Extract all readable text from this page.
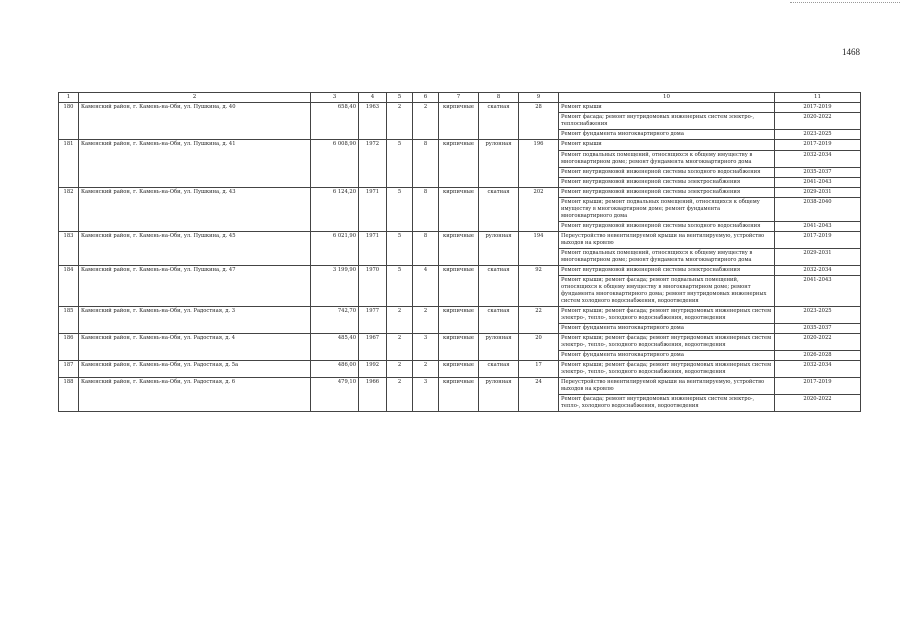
1468
1	2	3	4	5	6	7	8	9	10	11
180	Каменский район, г. Камень-на-Оби, ул. Пушкина, д. 40	658,40	1963	2	2	кирпичные	скатная	28	Ремонт крыши	2017-2019
									Ремонт фасада; ремонт внутридомовых инженерных систем электро-, теплоснабжения	2020-2022
									Ремонт фундамента многоквартирного дома	2023-2025
181	Каменский район, г. Камень-на-Оби, ул. Пушкина, д. 41	6 008,90	1972	5	8	кирпичные	рулонная	196	Ремонт крыши	2017-2019
									Ремонт подвальных помещений, относящихся к общему имуществу в многоквартирном доме; ремонт фундамента многоквартирного дома	2032-2034
									Ремонт внутридомовой инженерной системы холодного водоснабжения	2035-2037
									Ремонт внутридомовой инженерной системы электроснабжения	2041-2043
182	Каменский район, г. Камень-на-Оби, ул. Пушкина, д. 43	6 124,20	1971	5	8	кирпичные	скатная	202	Ремонт внутридомовой инженерной системы электроснабжения	2029-2031
									Ремонт крыши; ремонт подвальных помещений, относящихся к общему имуществу в многоквартирном доме; ремонт фундамента многоквартирного дома	2038-2040
									Ремонт внутридомовой инженерной системы холодного водоснабжения	2041-2043
183	Каменский район, г. Камень-на-Оби, ул. Пушкина, д. 45	6 021,90	1971	5	8	кирпичные	рулонная	194	Переустройство невентилируемой крыши на вентилируемую, устройство выходов на кровлю	2017-2019
									Ремонт подвальных помещений, относящихся к общему имуществу в многоквартирном доме; ремонт фундамента многоквартирного дома	2029-2031
184	Каменский район, г. Камень-на-Оби, ул. Пушкина, д. 47	3 199,90	1970	5	4	кирпичные	скатная	92	Ремонт внутридомовой инженерной системы электроснабжения	2032-2034
									Ремонт крыши; ремонт фасада; ремонт подвальных помещений, относящихся к общему имуществу в многоквартирном доме; ремонт фундамента многоквартирного дома; ремонт внутридомовых инженерных систем холодного водоснабжения, водоотведения	2041-2043
185	Каменский район, г. Камень-на-Оби, ул. Радостная, д. 3	742,70	1977	2	2	кирпичные	скатная	22	Ремонт крыши; ремонт фасада; ремонт внутридомовых инженерных систем электро-, тепло-, холодного водоснабжения, водоотведения	2023-2025
									Ремонт фундамента многоквартирного дома	2035-2037
186	Каменский район, г. Камень-на-Оби, ул. Радостная, д. 4	485,40	1967	2	3	кирпичные	рулонная	20	Ремонт крыши; ремонт фасада; ремонт внутридомовых инженерных систем электро-, тепло-, холодного водоснабжения, водоотведения	2020-2022
									Ремонт фундамента многоквартирного дома	2026-2028
187	Каменский район, г. Камень-на-Оби, ул. Радостная, д. 5а	486,00	1992	2	2	кирпичные	скатная	17	Ремонт крыши; ремонт фасада; ремонт внутридомовых инженерных систем электро-, тепло-, холодного водоснабжения, водоотведения	2032-2034
188	Каменский район, г. Камень-на-Оби, ул. Радостная, д. 6	479,10	1966	2	3	кирпичные	рулонная	24	Переустройство невентилируемой крыши на вентилируемую, устройство выходов на кровлю	2017-2019
									Ремонт фасада; ремонт внутридомовых инженерных систем электро-, тепло-, холодного водоснабжения, водоотведения	2020-2022
